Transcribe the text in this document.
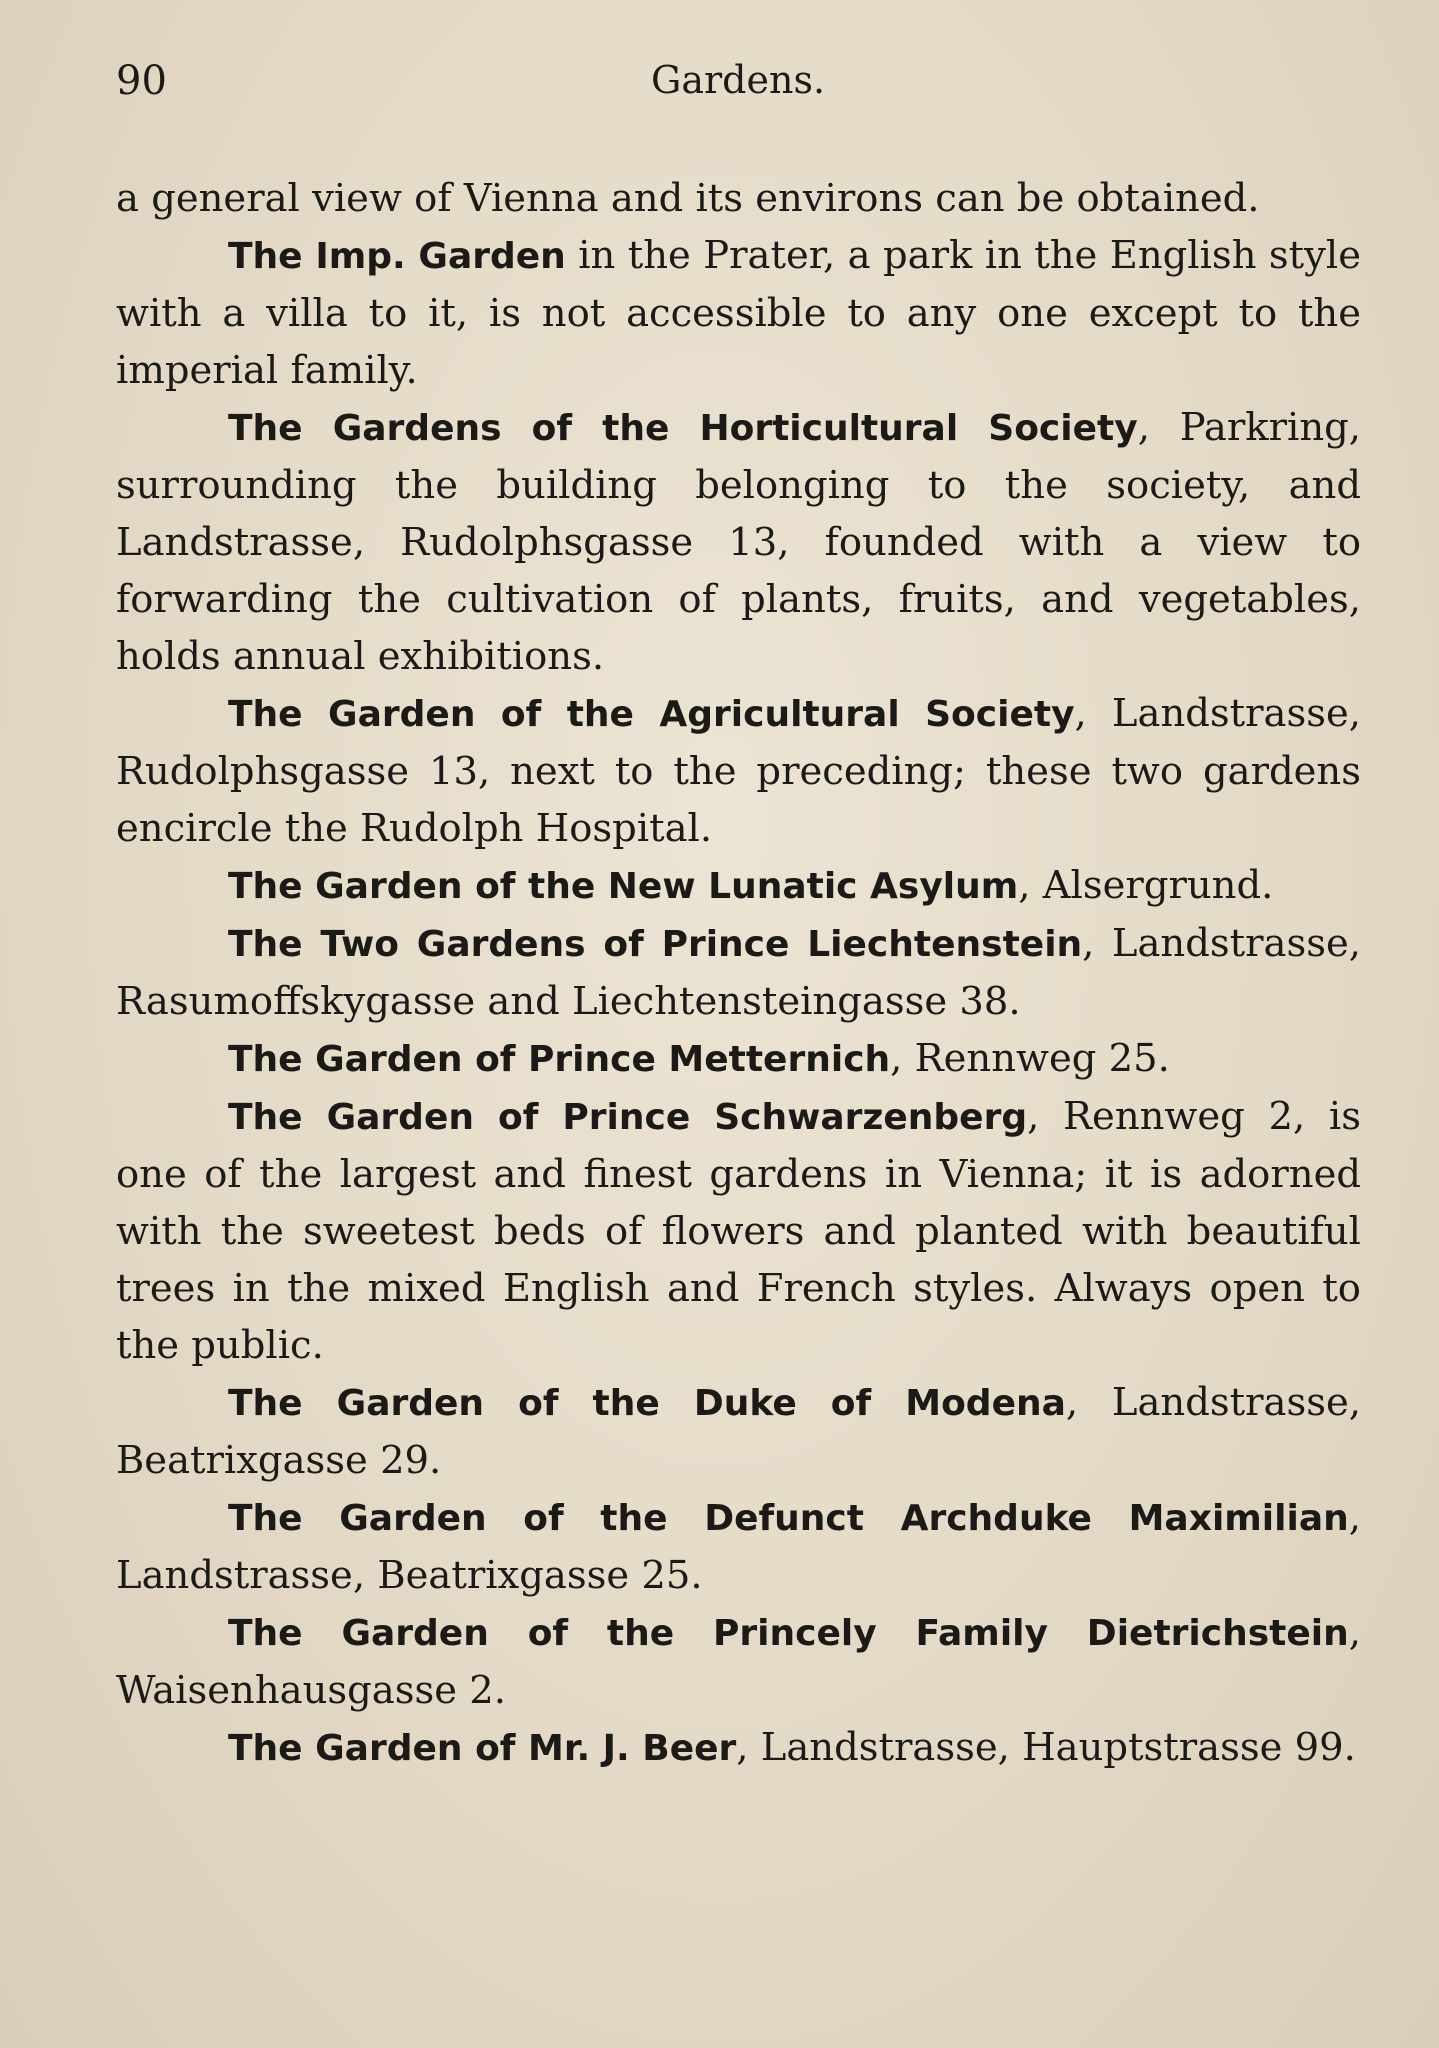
90	Gardens.

a general view of Vienna and its environs can be obtained.

The Imp. Garden in the Prater, a park in the English style with a villa to it, is not accessible to any one except to the imperial family.

The Gardens of the Horticultural Society, Parkring, surrounding the building belonging to the society, and Landstrasse, Rudolphsgasse 13, founded with a view to forwarding the cultivation of plants, fruits, and vegetables, holds annual exhibitions.

The Garden of the Agricultural Society, Landstrasse, Rudolphsgasse 13, next to the preceding; these two gardens encircle the Rudolph Hospital.

The Garden of the New Lunatic Asylum, Alsergrund.

The Two Gardens of Prince Liechtenstein, Landstrasse, Rasumoffskygasse and Liechtensteingasse 38.

The Garden of Prince Metternich, Rennweg 25.

The Garden of Prince Schwarzenberg, Rennweg 2, is one of the largest and finest gardens in Vienna; it is adorned with the sweetest beds of flowers and planted with beautiful trees in the mixed English and French styles. Always open to the public.

The Garden of the Duke of Modena, Landstrasse, Beatrixgasse 29.

The Garden of the Defunct Archduke Maximilian, Landstrasse, Beatrixgasse 25.

The Garden of the Princely Family Dietrichstein, Waisenhausgasse 2.

The Garden of Mr. J. Beer, Landstrasse, Hauptstrasse 99.
